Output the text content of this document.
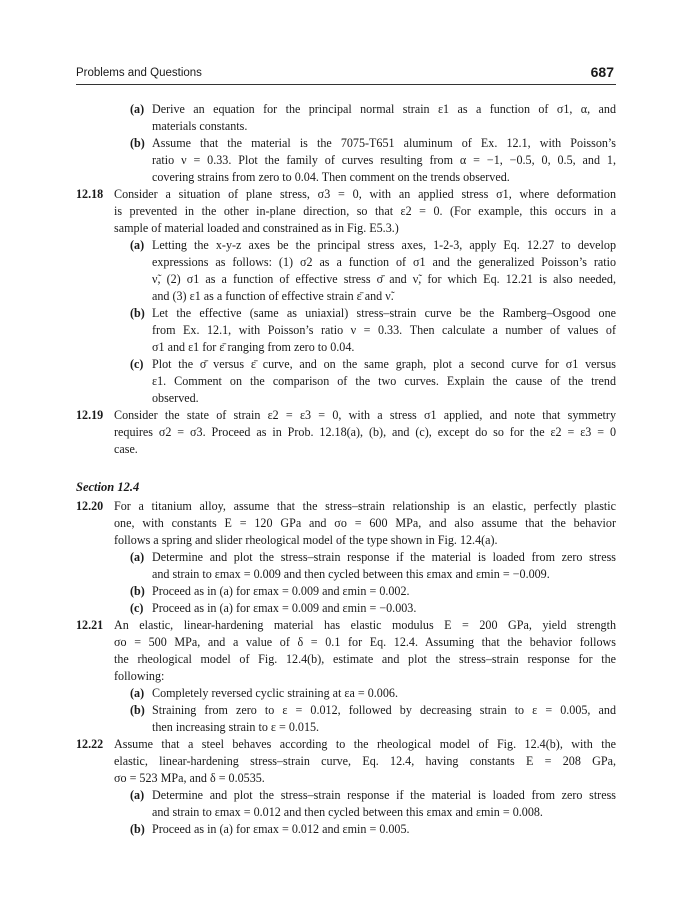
Problems and Questions	687
(a) Derive an equation for the principal normal strain ε1 as a function of σ1, α, and
materials constants.
(b) Assume that the material is the 7075-T651 aluminum of Ex. 12.1, with Poisson’s
ratio ν = 0.33. Plot the family of curves resulting from α = −1, −0.5, 0, 0.5, and 1,
covering strains from zero to 0.04. Then comment on the trends observed.
12.18 Consider a situation of plane stress, σ3 = 0, with an applied stress σ1, where deformation
is prevented in the other in-plane direction, so that ε2 = 0. (For example, this occurs in a
sample of material loaded and constrained as in Fig. E5.3.)
(a) Letting the x-y-z axes be the principal stress axes, 1-2-3, apply Eq. 12.27 to develop
expressions as follows: (1) σ2 as a function of σ1 and the generalized Poisson’s ratio
ν̃, (2) σ1 as a function of effective stress σ̄ and ν̃, for which Eq. 12.21 is also needed,
and (3) ε1 as a function of effective strain ε̄ and ν̃.
(b) Let the effective (same as uniaxial) stress–strain curve be the Ramberg–Osgood one
from Ex. 12.1, with Poisson’s ratio ν = 0.33. Then calculate a number of values of
σ1 and ε1 for ε̄ ranging from zero to 0.04.
(c) Plot the σ̄ versus ε̄ curve, and on the same graph, plot a second curve for σ1 versus
ε1. Comment on the comparison of the two curves. Explain the cause of the trend
observed.
12.19 Consider the state of strain ε2 = ε3 = 0, with a stress σ1 applied, and note that symmetry
requires σ2 = σ3. Proceed as in Prob. 12.18(a), (b), and (c), except do so for the ε2 = ε3 = 0
case.
Section 12.4
12.20 For a titanium alloy, assume that the stress–strain relationship is an elastic, perfectly plastic
one, with constants E = 120 GPa and σo = 600 MPa, and also assume that the behavior
follows a spring and slider rheological model of the type shown in Fig. 12.4(a).
(a) Determine and plot the stress–strain response if the material is loaded from zero stress
and strain to εmax = 0.009 and then cycled between this εmax and εmin = −0.009.
(b) Proceed as in (a) for εmax = 0.009 and εmin = 0.002.
(c) Proceed as in (a) for εmax = 0.009 and εmin = −0.003.
12.21 An elastic, linear-hardening material has elastic modulus E = 200 GPa, yield strength
σo = 500 MPa, and a value of δ = 0.1 for Eq. 12.4. Assuming that the behavior follows
the rheological model of Fig. 12.4(b), estimate and plot the stress–strain response for the
following:
(a) Completely reversed cyclic straining at εa = 0.006.
(b) Straining from zero to ε = 0.012, followed by decreasing strain to ε = 0.005, and
then increasing strain to ε = 0.015.
12.22 Assume that a steel behaves according to the rheological model of Fig. 12.4(b), with the
elastic, linear-hardening stress–strain curve, Eq. 12.4, having constants E = 208 GPa,
σo = 523 MPa, and δ = 0.0535.
(a) Determine and plot the stress–strain response if the material is loaded from zero stress
and strain to εmax = 0.012 and then cycled between this εmax and εmin = 0.008.
(b) Proceed as in (a) for εmax = 0.012 and εmin = 0.005.
